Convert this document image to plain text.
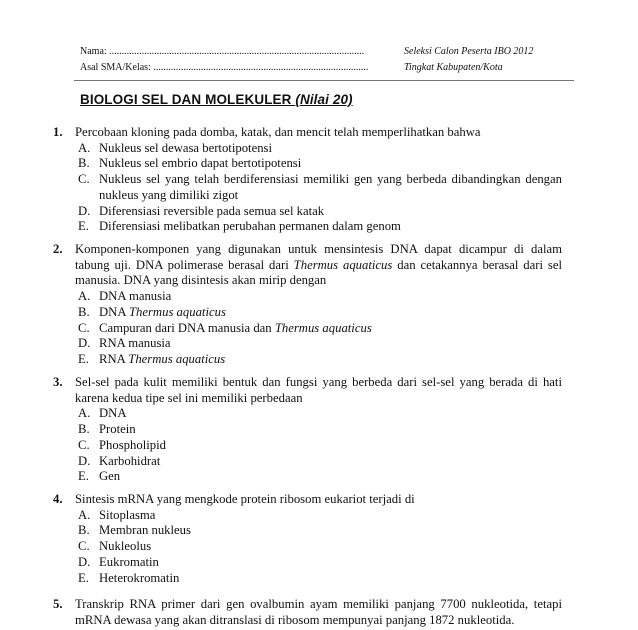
Nama: ......................................................................................................	Seleksi Calon Peserta IBO 2012
Asal SMA/Kelas: ......................................................................................	Tingkat Kabupaten/Kota
BIOLOGI SEL DAN MOLEKULER (Nilai 20)
1. Percobaan kloning pada domba, katak, dan mencit telah memperlihatkan bahwa
A. Nukleus sel dewasa bertotipotensi
B. Nukleus sel embrio dapat bertotipotensi
C. Nukleus sel yang telah berdiferensiasi memiliki gen yang berbeda dibandingkan dengan nukleus yang dimiliki zigot
D. Diferensiasi reversible pada semua sel katak
E. Diferensiasi melibatkan perubahan permanen dalam genom
2. Komponen-komponen yang digunakan untuk mensintesis DNA dapat dicampur di dalam tabung uji. DNA polimerase berasal dari Thermus aquaticus dan cetakannya berasal dari sel manusia. DNA yang disintesis akan mirip dengan
A. DNA manusia
B. DNA Thermus aquaticus
C. Campuran dari DNA manusia dan Thermus aquaticus
D. RNA manusia
E. RNA Thermus aquaticus
3. Sel-sel pada kulit memiliki bentuk dan fungsi yang berbeda dari sel-sel yang berada di hati karena kedua tipe sel ini memiliki perbedaan
A. DNA
B. Protein
C. Phospholipid
D. Karbohidrat
E. Gen
4. Sintesis mRNA yang mengkode protein ribosom eukariot terjadi di
A. Sitoplasma
B. Membran nukleus
C. Nukleolus
D. Eukromatin
E. Heterokromatin
5. Transkrip RNA primer dari gen ovalbumin ayam memiliki panjang 7700 nukleotida, tetapi mRNA dewasa yang akan ditranslasi di ribosom mempunyai panjang 1872 nukleotida.
